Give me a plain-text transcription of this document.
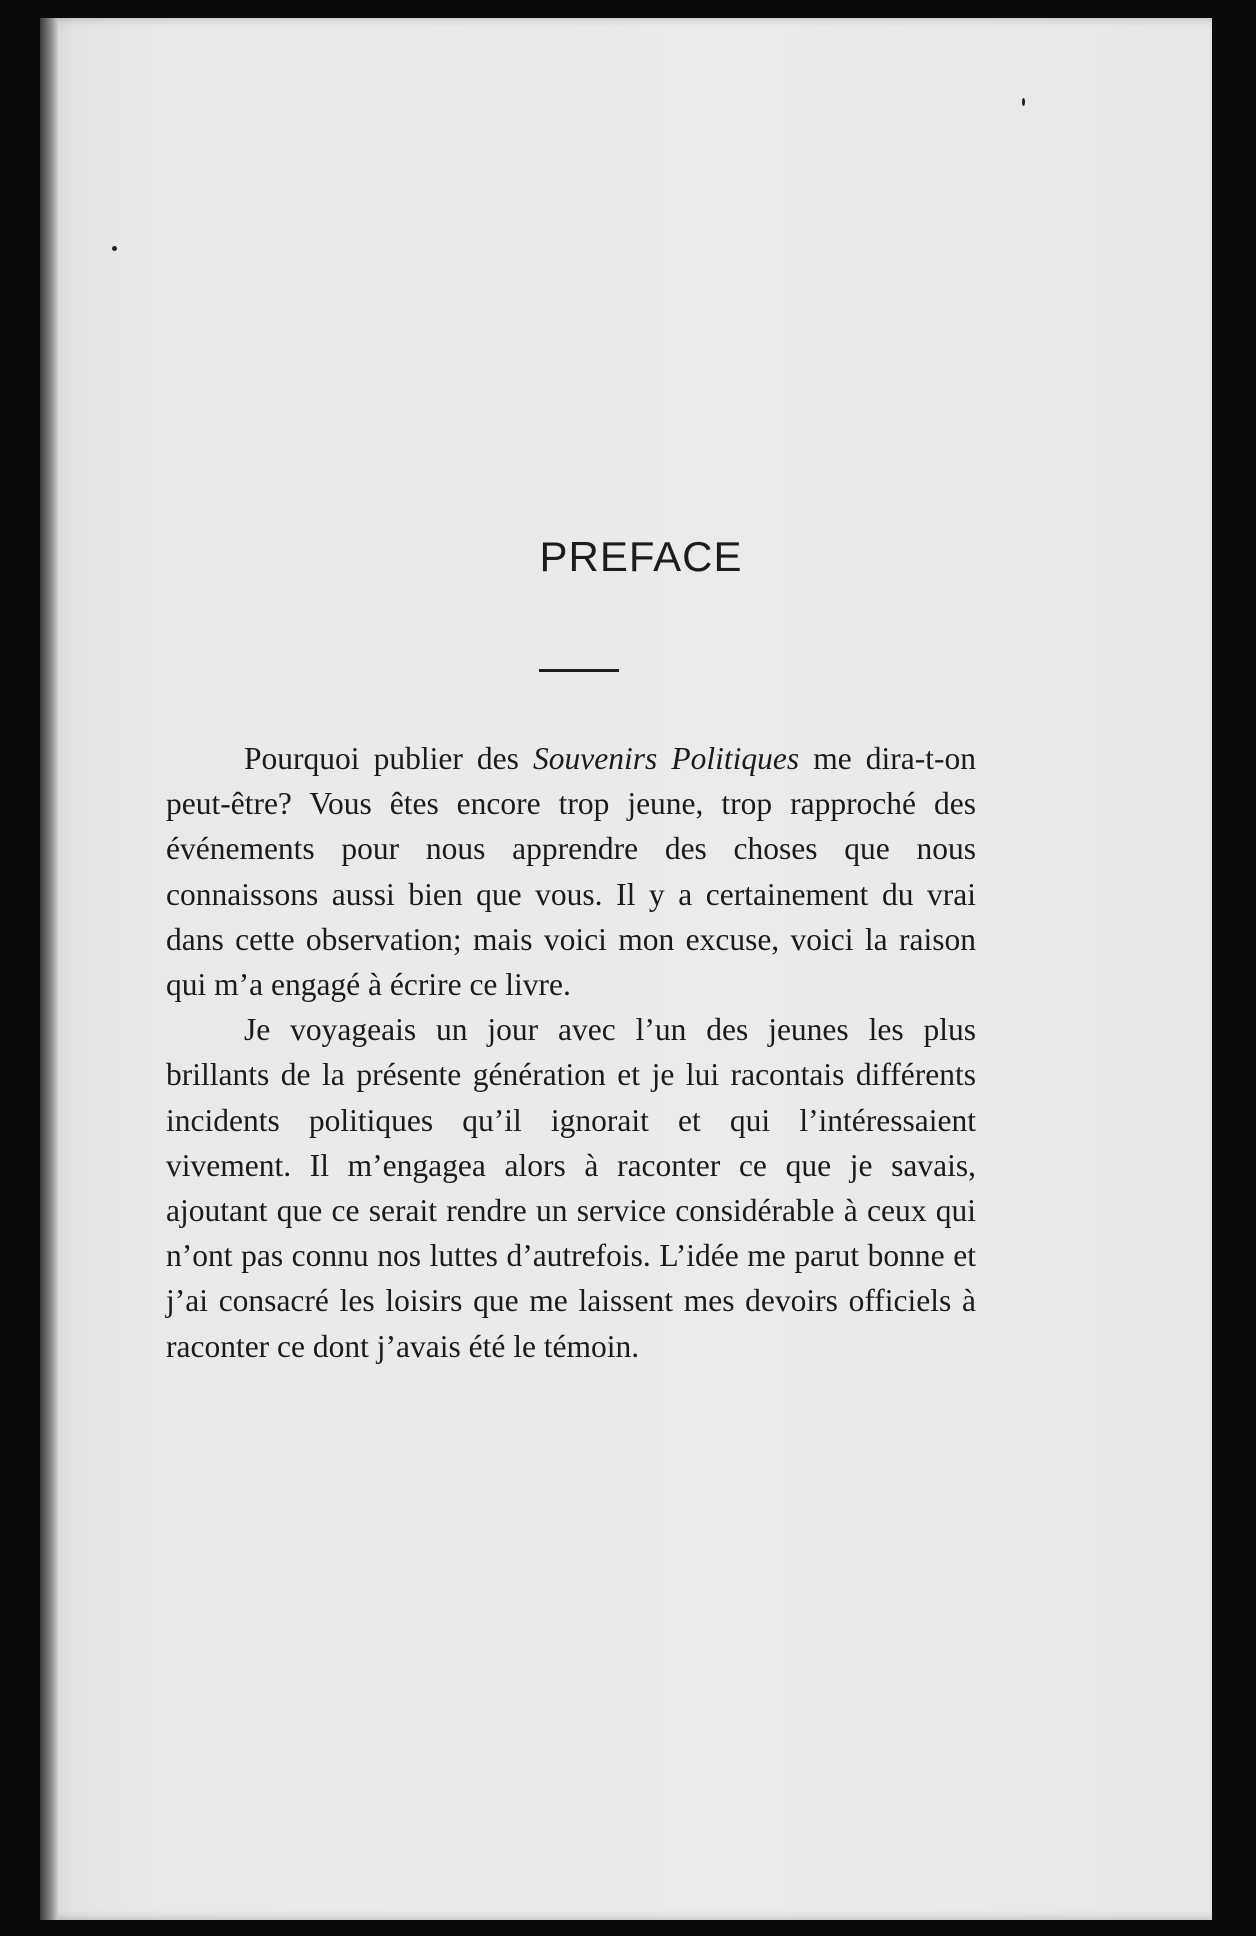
PREFACE

Pourquoi publier des Souvenirs Politiques me dira-t-on peut-être? Vous êtes encore trop jeune, trop rapproché des événements pour nous apprendre des choses que nous connaissons aussi bien que vous. Il y a certainement du vrai dans cette observation; mais voici mon excuse, voici la raison qui m’a engagé à écrire ce livre.

Je voyageais un jour avec l’un des jeunes les plus brillants de la présente génération et je lui racontais différents incidents politiques qu’il ignorait et qui l’intéressaient vivement. Il m’engagea alors à raconter ce que je savais, ajoutant que ce serait rendre un service considérable à ceux qui n’ont pas connu nos luttes d’autrefois. L’idée me parut bonne et j’ai consacré les loisirs que me laissent mes devoirs officiels à raconter ce dont j’avais été le témoin.
